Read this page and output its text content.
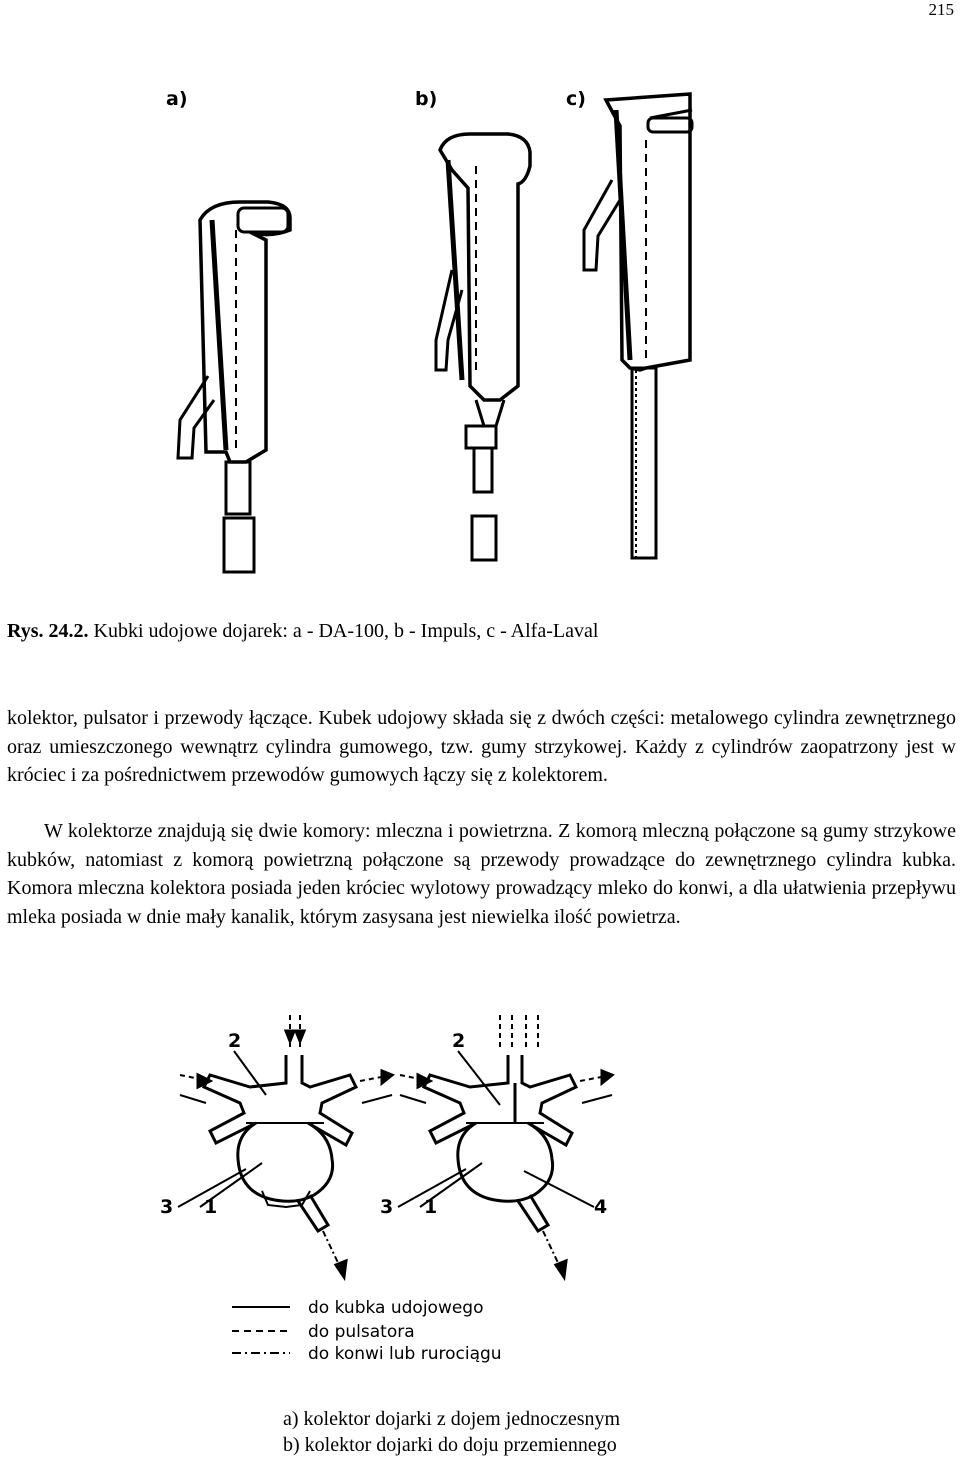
215
a)	b)	c)
Rys. 24.2. Kubki udojowe dojarek: a - DA-100, b - Impuls, c - Alfa-Laval

kolektor, pulsator i przewody łączące. Kubek udojowy składa się z dwóch części: metalowego cylindra zewnętrznego oraz umieszczonego wewnątrz cylindra gumowego, tzw. gumy strzykowej. Każdy z cylindrów zaopatrzony jest w króciec i za pośrednictwem przewodów gumowych łączy się z kolektorem.

W kolektorze znajdują się dwie komory: mleczna i powietrzna. Z komorą mleczną połączone są gumy strzykowe kubków, natomiast z komorą powietrzną połączone są przewody prowadzące do zewnętrznego cylindra kubka. Komora mleczna kolektora posiada jeden króciec wylotowy prowadzący mleko do konwi, a dla ułatwienia przepływu mleka posiada w dnie mały kanalik, którym zasysana jest niewielka ilość powietrza.

2
3 1
2
3 1	4
do kubka udojowego
do pulsatora
do konwi lub rurociągu
a) kolektor dojarki z dojem jednoczesnym
b) kolektor dojarki do doju przemiennego
